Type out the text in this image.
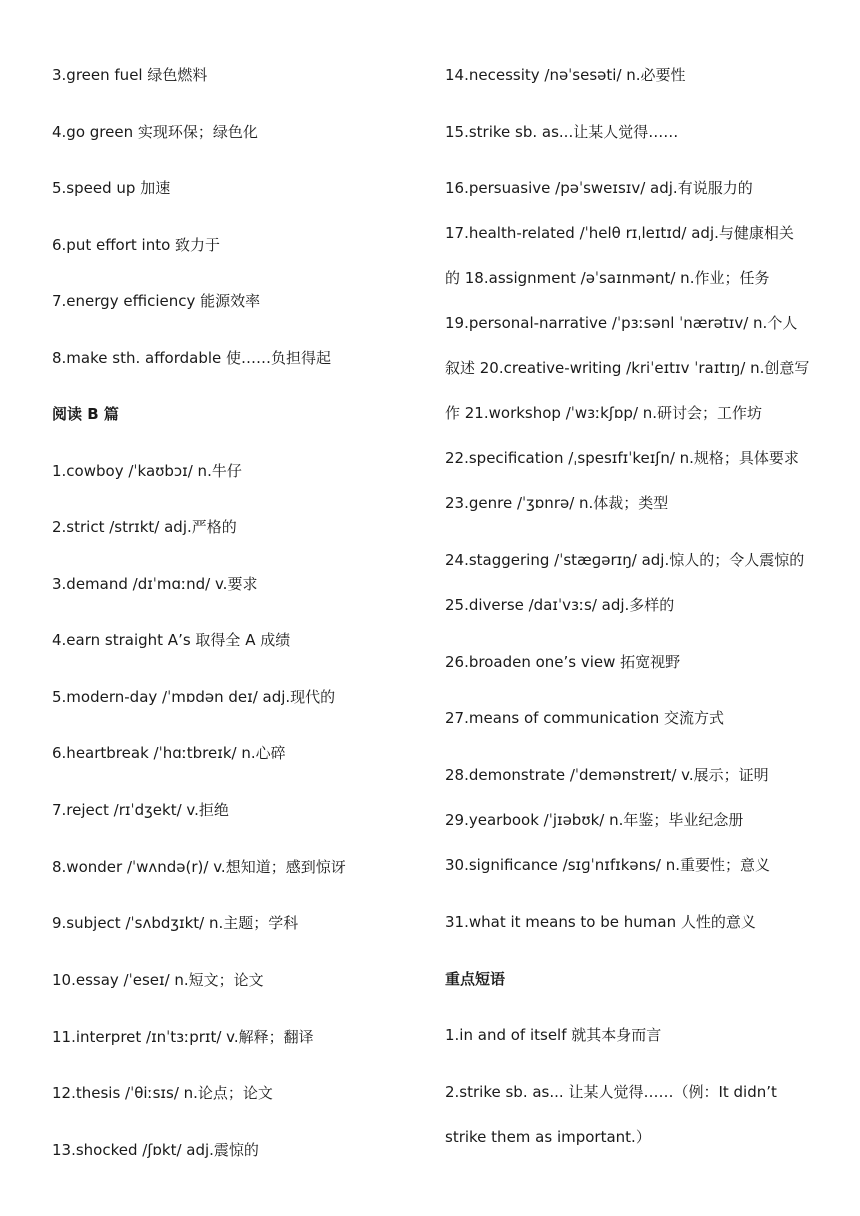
3.green fuel 绿色燃料
4.go green 实现环保；绿色化
5.speed up 加速
6.put effort into 致力于
7.energy efficiency 能源效率
8.make sth. affordable 使……负担得起
阅读 B 篇
1.cowboy /ˈkaʊbɔɪ/ n.牛仔
2.strict /strɪkt/ adj.严格的
3.demand /dɪˈmɑːnd/ v.要求
4.earn straight A’s 取得全 A 成绩
5.modern-day /ˈmɒdən deɪ/ adj.现代的
6.heartbreak /ˈhɑːtbreɪk/ n.心碎
7.reject /rɪˈdʒekt/ v.拒绝
8.wonder /ˈwʌndə(r)/ v.想知道；感到惊讶
9.subject /ˈsʌbdʒɪkt/ n.主题；学科
10.essay /ˈeseɪ/ n.短文；论文
11.interpret /ɪnˈtɜːprɪt/ v.解释；翻译
12.thesis /ˈθiːsɪs/ n.论点；论文
13.shocked /ʃɒkt/ adj.震惊的
14.necessity /nəˈsesəti/ n.必要性
15.strike sb. as...让某人觉得……
16.persuasive /pəˈsweɪsɪv/ adj.有说服力的
17.health-related /ˈhelθ rɪˌleɪtɪd/ adj.与健康相关
的 18.assignment /əˈsaɪnmənt/ n.作业；任务
19.personal-narrative /ˈpɜːsənl ˈnærətɪv/ n.个人
叙述 20.creative-writing /kriˈeɪtɪv ˈraɪtɪŋ/ n.创意写
作 21.workshop /ˈwɜːkʃɒp/ n.研讨会；工作坊
22.specification /ˌspesɪfɪˈkeɪʃn/ n.规格；具体要求
23.genre /ˈʒɒnrə/ n.体裁；类型
24.staggering /ˈstæɡərɪŋ/ adj.惊人的；令人震惊的
25.diverse /daɪˈvɜːs/ adj.多样的
26.broaden one’s view 拓宽视野
27.means of communication 交流方式
28.demonstrate /ˈdemənstreɪt/ v.展示；证明
29.yearbook /ˈjɪəbʊk/ n.年鉴；毕业纪念册
30.significance /sɪɡˈnɪfɪkəns/ n.重要性；意义
31.what it means to be human 人性的意义
重点短语
1.in and of itself 就其本身而言
2.strike sb. as... 让某人觉得……（例：It didn’t
strike them as important.）
